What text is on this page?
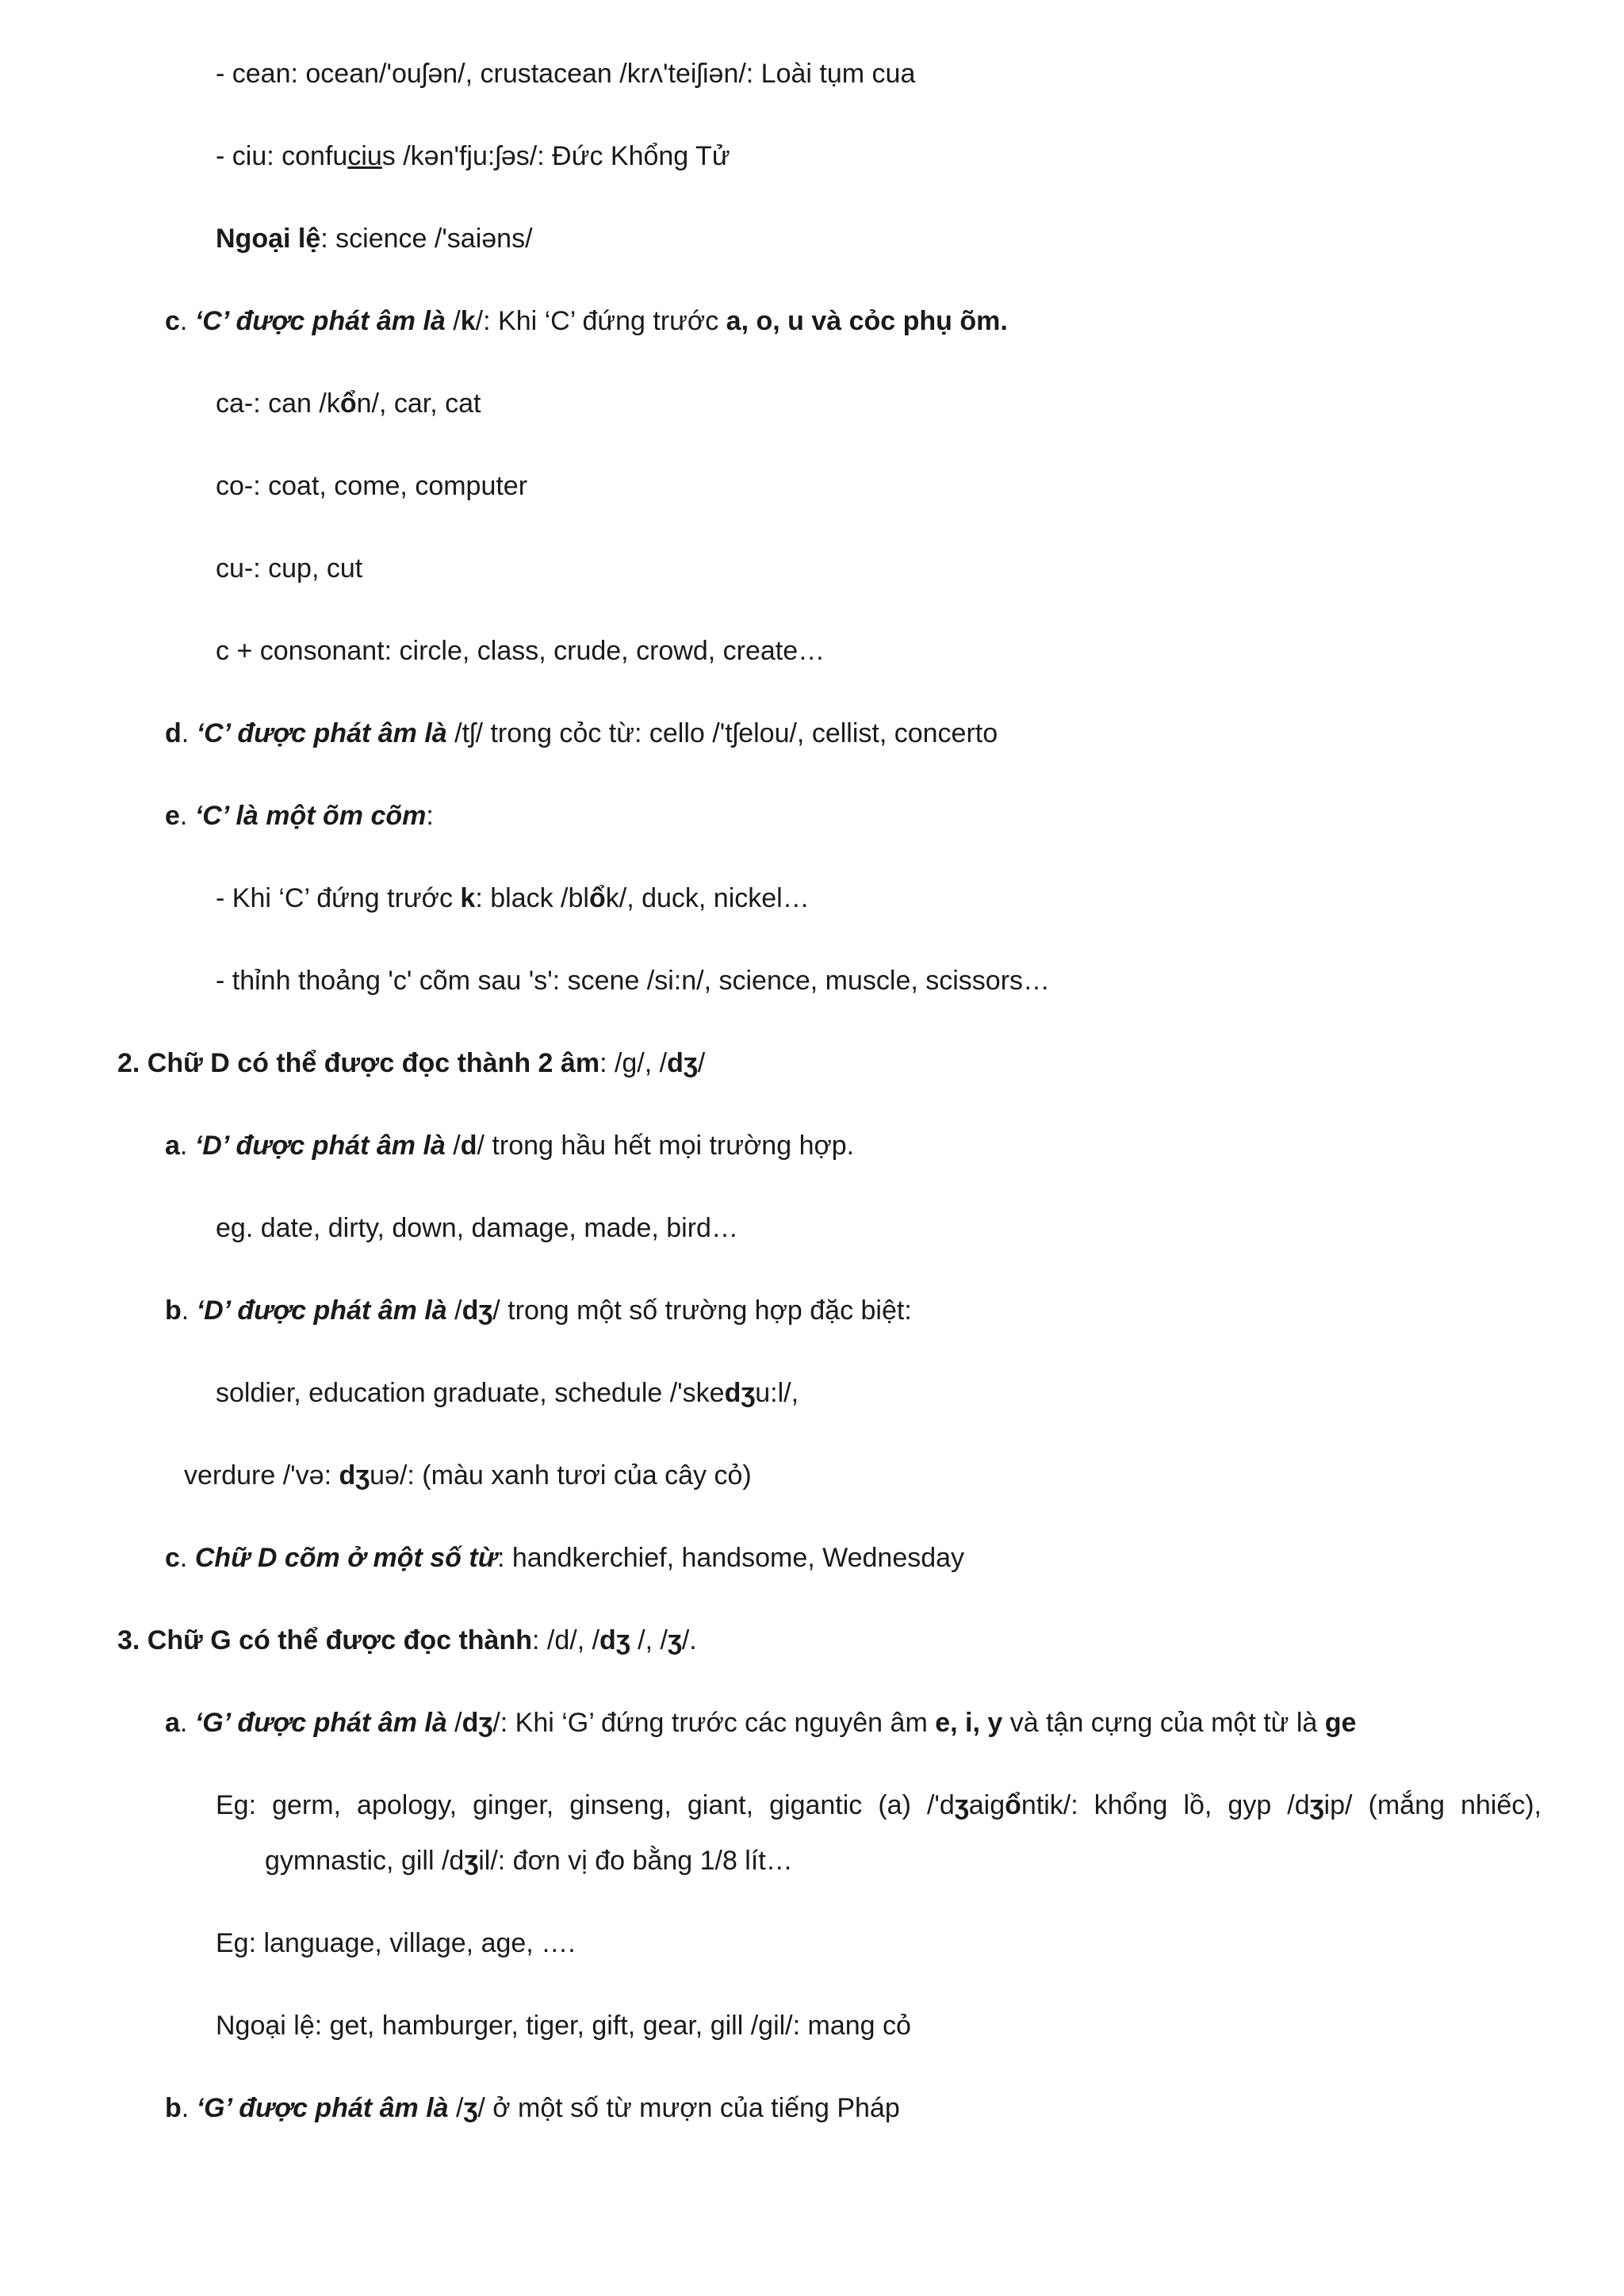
- cean: ocean/'ouʃən/, crustacean /krʌ'teiʃiən/: Loài tụm cua
- ciu: confucius /kən'fju:ʃəs/: Đức Khổng Tử
Ngoại lệ: science /'saiəns/
c. ‘C’ được phát âm là /k/: Khi ‘C’ đứng trước a, o, u và cỏc phụ õm.
ca-: can /kổn/, car, cat
co-: coat, come, computer
cu-: cup, cut
c + consonant: circle, class, crude, crowd, create…
d. ‘C’ được phát âm là /tʃ/ trong cỏc từ: cello /'tʃelou/, cellist, concerto
e. ‘C’ là một õm cõm:
- Khi ‘C’ đứng trước k: black /blổk/, duck, nickel…
- thỉnh thoảng 'c' cõm sau 's': scene /si:n/, science, muscle, scissors…
2. Chữ D có thể được đọc thành 2 âm: /g/, /dʒ/
a. ‘D’ được phát âm là /d/ trong hầu hết mọi trường hợp.
eg. date, dirty, down, damage, made, bird…
b. ‘D’ được phát âm là /dʒ/ trong một số trường hợp đặc biệt:
soldier, education graduate, schedule /'skedʒu:l/,
verdure /'və: dʒuə/: (màu xanh tươi của cây cỏ)
c. Chữ D cõm ở một số từ: handkerchief, handsome, Wednesday
3. Chữ G có thể được đọc thành: /d/, /dʒ /, /ʒ/.
a. ‘G’ được phát âm là /dʒ/: Khi ‘G’ đứng trước các nguyên âm e, i, y và tận cựng của một từ là ge
Eg: germ, apology, ginger, ginseng, giant, gigantic (a) /'dʒaigổntik/: khổng lồ, gyp /dʒip/ (mắng nhiếc),
gymnastic, gill /dʒil/: đơn vị đo bằng 1/8 lít…
Eg: language, village, age, ….
Ngoại lệ: get, hamburger, tiger, gift, gear, gill /gil/: mang cỏ
b. ‘G’ được phát âm là /ʒ/ ở một số từ mượn của tiếng Pháp
